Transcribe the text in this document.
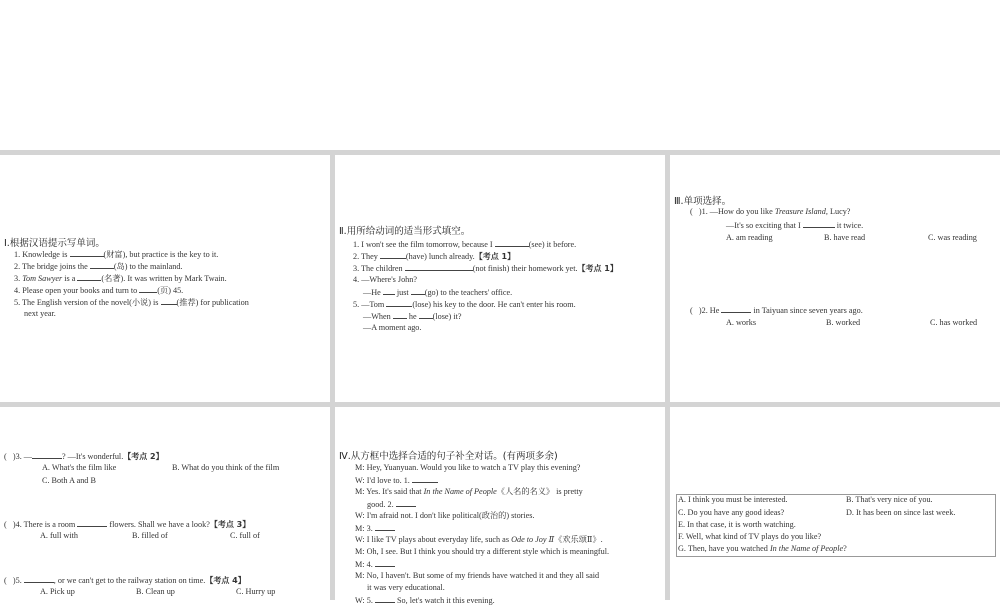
Ⅰ.根据汉语提示写单词。
1. Knowledge is	(财富), but practice is the key to it.
2. The bridge joins the	(岛) to the mainland.
3. Tom Sawyer is a	(名著). It was written by Mark Twain.
4. Please open your books and turn to (页) 45.
5. The English version of the novel(小说) is (推荐) for publication
next year.
Ⅱ.用所给动词的适当形式填空。
1. I won't see the film tomorrow, because I	(see) it before.
2. They	(have) lunch already.【考点 1】
3. The children	(not finish) their homework yet.【考点 1】
4. —Where's John?
—He  just (go) to the teachers' office.
5. —Tom	(lose) his key to the door. He can't enter his room.
—When  he (lose) it?
—A moment ago.
Ⅲ.单项选择。
(   )1. —How do you like Treasure Island, Lucy?
—It's so exciting that I	it twice.
A. am reading	B. have read	C. was reading
(   )2. He	in Taiyuan since seven years ago.
A. works	B. worked	C. has worked
(   )3. —	? —It's wonderful.【考点 2】
A. What's the film like	B. What do you think of the film
C. Both A and B
(   )4. There is a room	flowers. Shall we have a look?【考点 3】
A. full with	B. filled of	C. full of
(   )5.	, or we can't get to the railway station on time.【考点 4】
A. Pick up	B. Clean up	C. Hurry up
Ⅳ.从方框中选择合适的句子补全对话。(有两项多余)
M: Hey, Yuanyuan. Would you like to watch a TV play this evening?
W: I'd love to. 1.
M: Yes. It's said that In the Name of People《人名的名义》 is pretty
good. 2.
W: I'm afraid not. I don't like political(政治的) stories.
M: 3.
W: I like TV plays about everyday life, such as Ode to Joy Ⅱ《欢乐颂Ⅱ》.
M: Oh, I see. But I think you should try a different style which is meaningful.
M: 4.
M: No, I haven't. But some of my friends have watched it and they all said
it was very educational.
W: 5.	So, let's watch it this evening.
A. I think you must be interested.	B. That's very nice of you.
C. Do you have any good ideas?	D. It has been on since last week.
E. In that case, it is worth watching.
F. Well, what kind of TV plays do you like?
G. Then, have you watched In the Name of People?
